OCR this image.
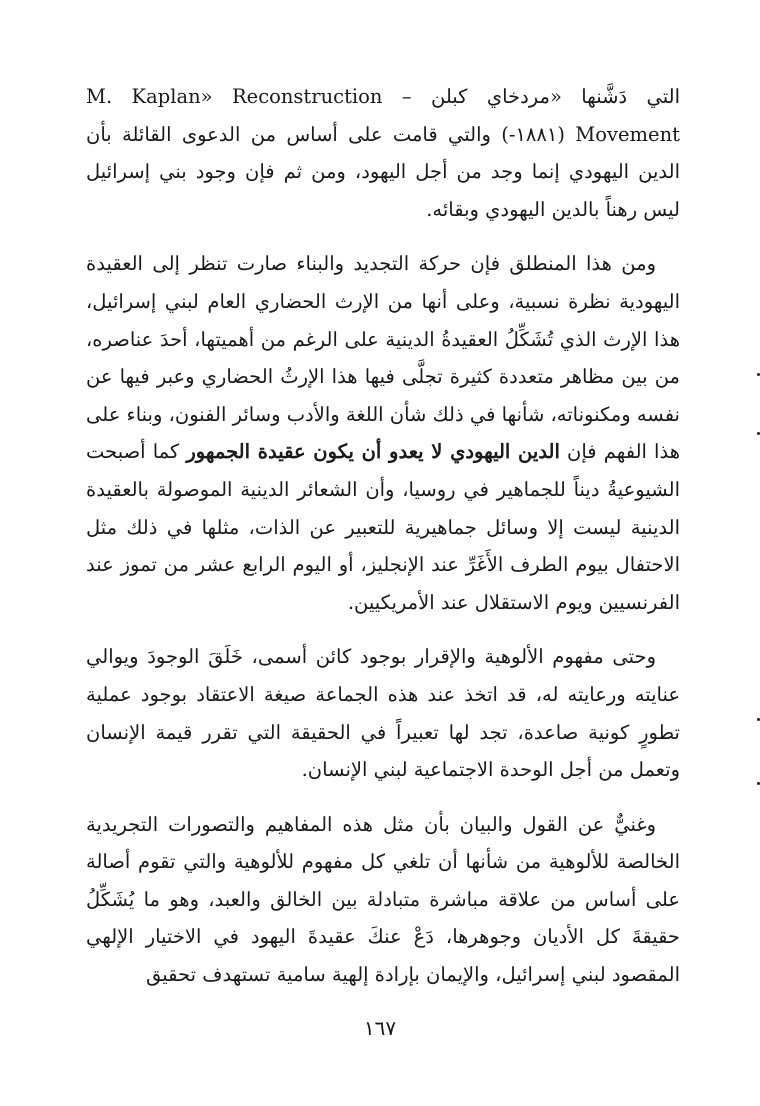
التي دَشَّنها «مردخاي كبلن – M. Kaplan» Reconstruction Movement (١٨٨١-) والتي قامت على أساس من الدعوى القائلة بأن الدين اليهودي إنما وجد من أجل اليهود، ومن ثم فإن وجود بني إسرائيل ليس رهناً بالدين اليهودي وبقائه.

ومن هذا المنطلق فإن حركة التجديد والبناء صارت تنظر إلى العقيدة اليهودية نظرة نسبية، وعلى أنها من الإرث الحضاري العام لبني إسرائيل، هذا الإرث الذي تُشَكِّلُ العقيدةُ الدينية على الرغم من أهميتها، أحدَ عناصره، من بين مظاهر متعددة كثيرة تجلَّى فيها هذا الإرثُ الحضاري وعبر فيها عن نفسه ومكنوناته، شأنها في ذلك شأن اللغة والأدب وسائر الفنون، وبناء على هذا الفهم فإن الدين اليهودي لا يعدو أن يكون عقيدة الجمهور كما أصبحت الشيوعيةُ ديناً للجماهير في روسيا، وأن الشعائر الدينية الموصولة بالعقيدة الدينية ليست إلا وسائل جماهيرية للتعبير عن الذات، مثلها في ذلك مثل الاحتفال بيوم الطرف الأَغَرِّ عند الإنجليز، أو اليوم الرابع عشر من تموز عند الفرنسيين ويوم الاستقلال عند الأمريكيين.

وحتى مفهوم الألوهية والإقرار بوجود كائن أسمى، خَلَقَ الوجودَ ويوالي عنايته ورعايته له، قد اتخذ عند هذه الجماعة صيغة الاعتقاد بوجود عملية تطورٍ كونية صاعدة، تجد لها تعبيراً في الحقيقة التي تقرر قيمة الإنسان وتعمل من أجل الوحدة الاجتماعية لبني الإنسان.

وغنيٌّ عن القول والبيان بأن مثل هذه المفاهيم والتصورات التجريدية الخالصة للألوهية من شأنها أن تلغي كل مفهوم للألوهية والتي تقوم أصالة على أساس من علاقة مباشرة متبادلة بين الخالق والعبد، وهو ما يُشَكِّلُ حقيقةَ كل الأديان وجوهرها، دَعْ عنكَ عقيدةَ اليهود في الاختيار الإلهي المقصود لبني إسرائيل، والإيمان بإرادة إلهية سامية تستهدف تحقيق

١٦٧
